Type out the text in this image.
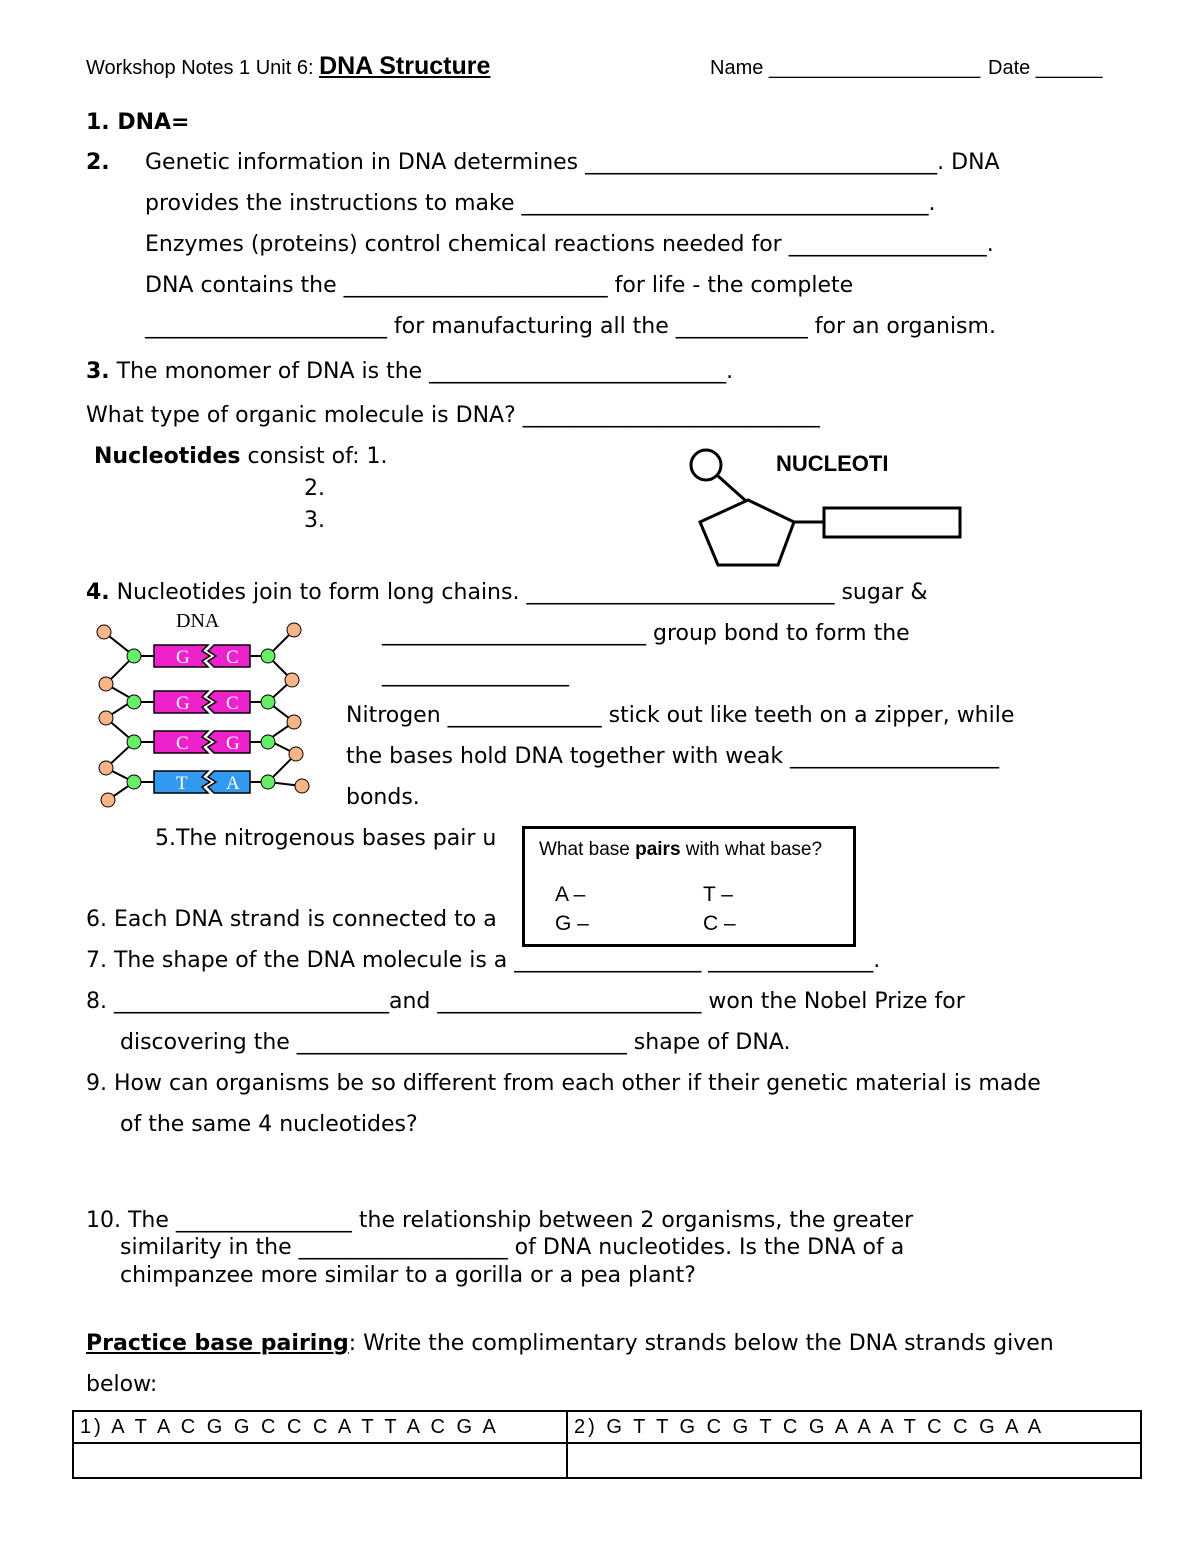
Workshop Notes 1 Unit 6: DNA Structure	Name ___________________ Date ______
1. DNA=
2. Genetic information in DNA determines ________________________________. DNA
provides the instructions to make _____________________________________.
Enzymes (proteins) control chemical reactions needed for __________________.
DNA contains the ________________________ for life - the complete
______________________ for manufacturing all the ____________ for an organism.
3. The monomer of DNA is the ___________________________.
What type of organic molecule is DNA? ___________________________
Nucleotides consist of: 1.
2.
3.
NUCLEOTI
4. Nucleotides join to form long chains. ____________________________ sugar &
________________________ group bond to form the
_________________
Nitrogen ______________ stick out like teeth on a zipper, while
the bases hold DNA together with weak ___________________
bonds.
DNA
G C
G C
C G
T A
5.The nitrogenous bases pair u What base pairs with what base?
A –	T –
G –	C –
6. Each DNA strand is connected to a
7. The shape of the DNA molecule is a _________________ _______________.
8. _________________________and ________________________ won the Nobel Prize for
discovering the ______________________________ shape of DNA.
9. How can organisms be so different from each other if their genetic material is made
of the same 4 nucleotides?
10. The ________________ the relationship between 2 organisms, the greater
similarity in the ___________________ of DNA nucleotides. Is the DNA of a
chimpanzee more similar to a gorilla or a pea plant?
Practice base pairing: Write the complimentary strands below the DNA strands given
below:
1) A T A C G G C C C A T T A C G A	2) G T T G C G T C G A A A T C C G A A
